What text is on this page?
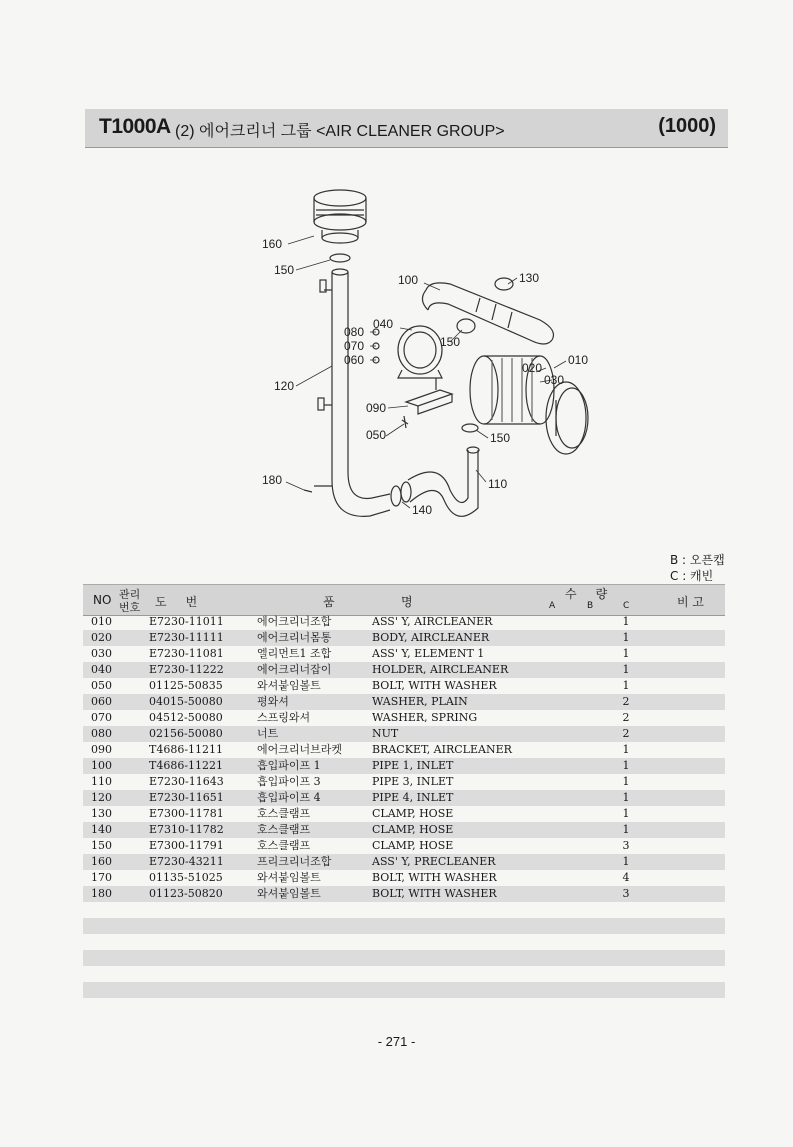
T1000A (2) 에어크리너 그룹 <AIR CLEANER GROUP>	(1000)
160
150
100	130
080
040
070
060
150
120
010
020
030
090
050	150
110
180
140
B : 오픈캡
C : 캐빈
NO 관리
번호 도     번	품	명
수     량
A	B	C	비 고
010	E7230-11011	에어크리너조합	ASS' Y, AIRCLEANER	1
020	E7230-11111	에어크리너몸통	BODY, AIRCLEANER	1
030	E7230-11081	엘리먼트1 조합	ASS' Y, ELEMENT 1	1
040	E7230-11222	에어크리너잡이	HOLDER, AIRCLEANER	1
050	01125-50835	와셔붙임볼트	BOLT, WITH WASHER	1
060	04015-50080	평와셔	WASHER, PLAIN	2
070	04512-50080	스프링와셔	WASHER, SPRING	2
080	02156-50080	너트	NUT	2
090	T4686-11211	에어크리너브라켓	BRACKET, AIRCLEANER	1
100	T4686-11221	흡입파이프 1	PIPE 1, INLET	1
110	E7230-11643	흡입파이프 3	PIPE 3, INLET	1
120	E7230-11651	흡입파이프 4	PIPE 4, INLET	1
130	E7300-11781	호스클램프	CLAMP, HOSE	1
140	E7310-11782	호스클램프	CLAMP, HOSE	1
150	E7300-11791	호스클램프	CLAMP, HOSE	3
160	E7230-43211	프리크리너조합	ASS' Y, PRECLEANER	1
170	01135-51025	와셔붙임볼트	BOLT, WITH WASHER	4
180	01123-50820	와셔붙임볼트	BOLT, WITH WASHER	3
- 271 -
